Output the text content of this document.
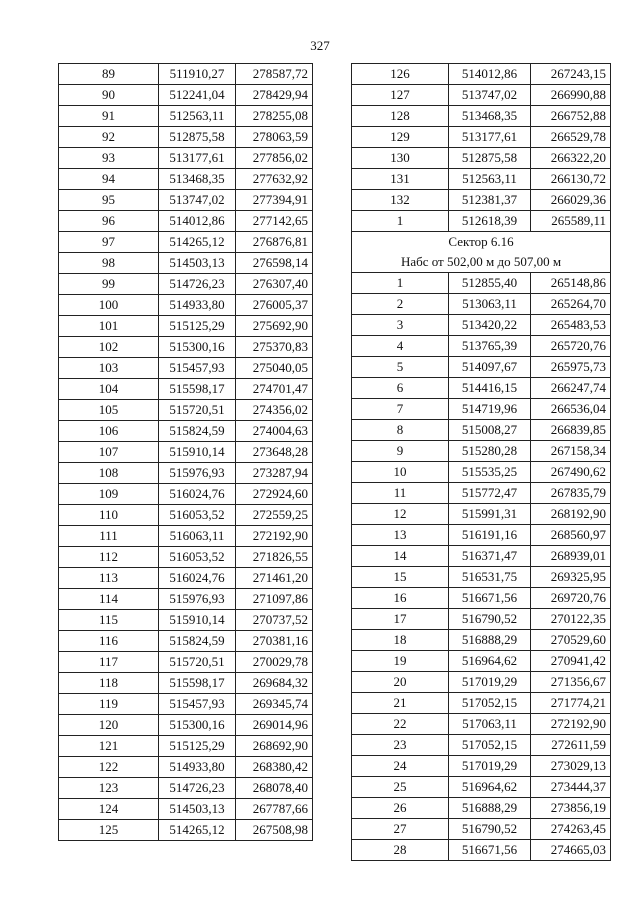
327
89	511910,27	278587,72
90	512241,04	278429,94
91	512563,11	278255,08
92	512875,58	278063,59
93	513177,61	277856,02
94	513468,35	277632,92
95	513747,02	277394,91
96	514012,86	277142,65
97	514265,12	276876,81
98	514503,13	276598,14
99	514726,23	276307,40
100	514933,80	276005,37
101	515125,29	275692,90
102	515300,16	275370,83
103	515457,93	275040,05
104	515598,17	274701,47
105	515720,51	274356,02
106	515824,59	274004,63
107	515910,14	273648,28
108	515976,93	273287,94
109	516024,76	272924,60
110	516053,52	272559,25
111	516063,11	272192,90
112	516053,52	271826,55
113	516024,76	271461,20
114	515976,93	271097,86
115	515910,14	270737,52
116	515824,59	270381,16
117	515720,51	270029,78
118	515598,17	269684,32
119	515457,93	269345,74
120	515300,16	269014,96
121	515125,29	268692,90
122	514933,80	268380,42
123	514726,23	268078,40
124	514503,13	267787,66
125	514265,12	267508,98
126	514012,86	267243,15
127	513747,02	266990,88
128	513468,35	266752,88
129	513177,61	266529,78
130	512875,58	266322,20
131	512563,11	266130,72
132	512381,37	266029,36
1	512618,39	265589,11

Сектор 6.16
Набс от 502,00 м до 507,00 м		

1	512855,40	265148,86
2	513063,11	265264,70
3	513420,22	265483,53
4	513765,39	265720,76
5	514097,67	265975,73
6	514416,15	266247,74
7	514719,96	266536,04
8	515008,27	266839,85
9	515280,28	267158,34
10	515535,25	267490,62
11	515772,47	267835,79
12	515991,31	268192,90
13	516191,16	268560,97
14	516371,47	268939,01
15	516531,75	269325,95
16	516671,56	269720,76
17	516790,52	270122,35
18	516888,29	270529,60
19	516964,62	270941,42
20	517019,29	271356,67
21	517052,15	271774,21
22	517063,11	272192,90
23	517052,15	272611,59
24	517019,29	273029,13
25	516964,62	273444,37
26	516888,29	273856,19
27	516790,52	274263,45
28	516671,56	274665,03
